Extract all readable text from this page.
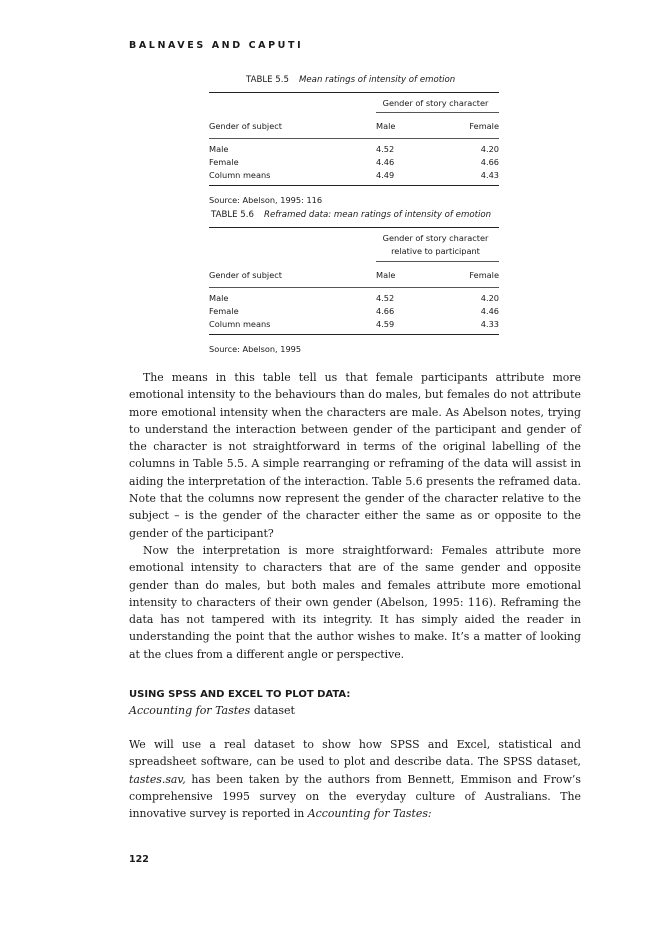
BALNAVES AND CAPUTI
TABLE 5.5 Mean ratings of intensity of emotion
Gender of story character
Gender of subject	Male	Female
Male	4.52	4.20
Female	4.46	4.66
Column means	4.49	4.43
Source: Abelson, 1995: 116
TABLE 5.6 Reframed data: mean ratings of intensity of emotion
Gender of story character
relative to participant
Gender of subject	Male	Female
Male	4.52	4.20
Female	4.66	4.46
Column means	4.59	4.33
Source: Abelson, 1995

The means in this table tell us that female participants attribute more emotional intensity to the behaviours than do males, but females do not attribute more emotional intensity when the characters are male. As Abelson notes, trying to understand the interaction between gender of the participant and gender of the character is not straightforward in terms of the original labelling of the columns in Table 5.5. A simple rearranging or reframing of the data will assist in aiding the interpretation of the interaction. Table 5.6 presents the reframed data. Note that the columns now represent the gender of the character relative to the subject – is the gender of the character either the same as or opposite to the gender of the participant?

Now the interpretation is more straightforward: Females attribute more emotional intensity to characters that are of the same gender and opposite gender than do males, but both males and females attribute more emotional intensity to characters of their own gender (Abelson, 1995: 116). Reframing the data has not tampered with its integrity. It has simply aided the reader in understanding the point that the author wishes to make. It’s a matter of looking at the clues from a different angle or perspective.

USING SPSS AND EXCEL TO PLOT DATA:
Accounting for Tastes dataset
We will use a real dataset to show how SPSS and Excel, statistical and spreadsheet software, can be used to plot and describe data. The SPSS dataset, tastes.sav, has been taken by the authors from Bennett, Emmison and Frow’s comprehensive 1995 survey on the everyday culture of Australians. The innovative survey is reported in Accounting for Tastes:
122
